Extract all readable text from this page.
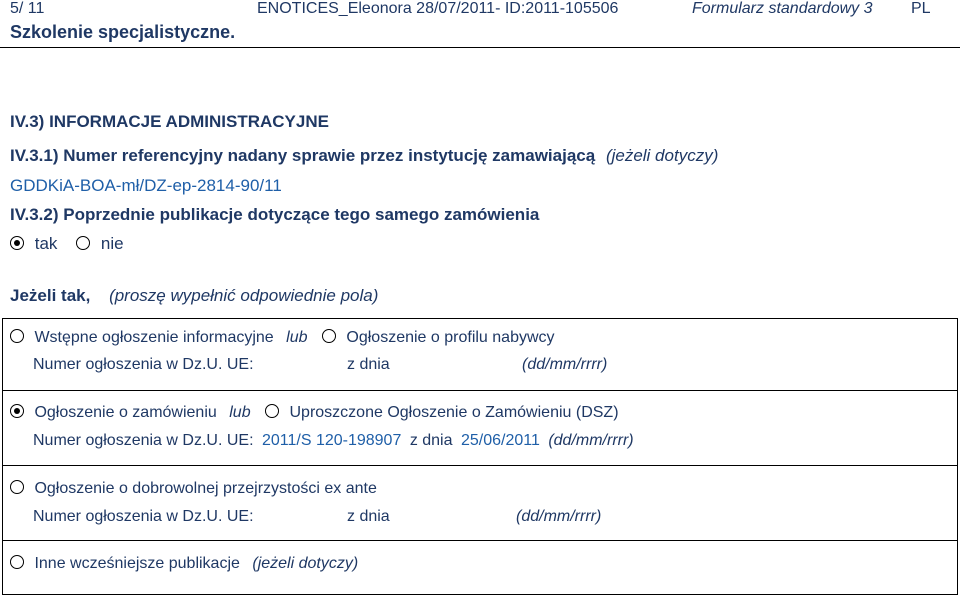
5/ 11	ENOTICES_Eleonora 28/07/2011- ID:2011-105506	Formularz standardowy 3 PL
Szkolenie specjalistyczne.
IV.3) INFORMACJE ADMINISTRACYJNE
IV.3.1) Numer referencyjny nadany sprawie przez instytucję zamawiającą (jeżeli dotyczy)
GDDKiA-BOA-mł/DZ-ep-2814-90/11
IV.3.2) Poprzednie publikacje dotyczące tego samego zamówienia
tak	nie
Jeżeli tak, (proszę wypełnić odpowiednie pola)
Wstępne ogłoszenie informacyjne lub Ogłoszenie o profilu nabywcy
Numer ogłoszenia w Dz.U. UE:	z dnia	(dd/mm/rrrr)
Ogłoszenie o zamówieniu lub Uproszczone Ogłoszenie o Zamówieniu (DSZ)
Numer ogłoszenia w Dz.U. UE: 2011/S 120-198907 z dnia 25/06/2011 (dd/mm/rrrr)
Ogłoszenie o dobrowolnej przejrzystości ex ante
Numer ogłoszenia w Dz.U. UE:	z dnia	(dd/mm/rrrr)
Inne wcześniejsze publikacje (jeżeli dotyczy)
